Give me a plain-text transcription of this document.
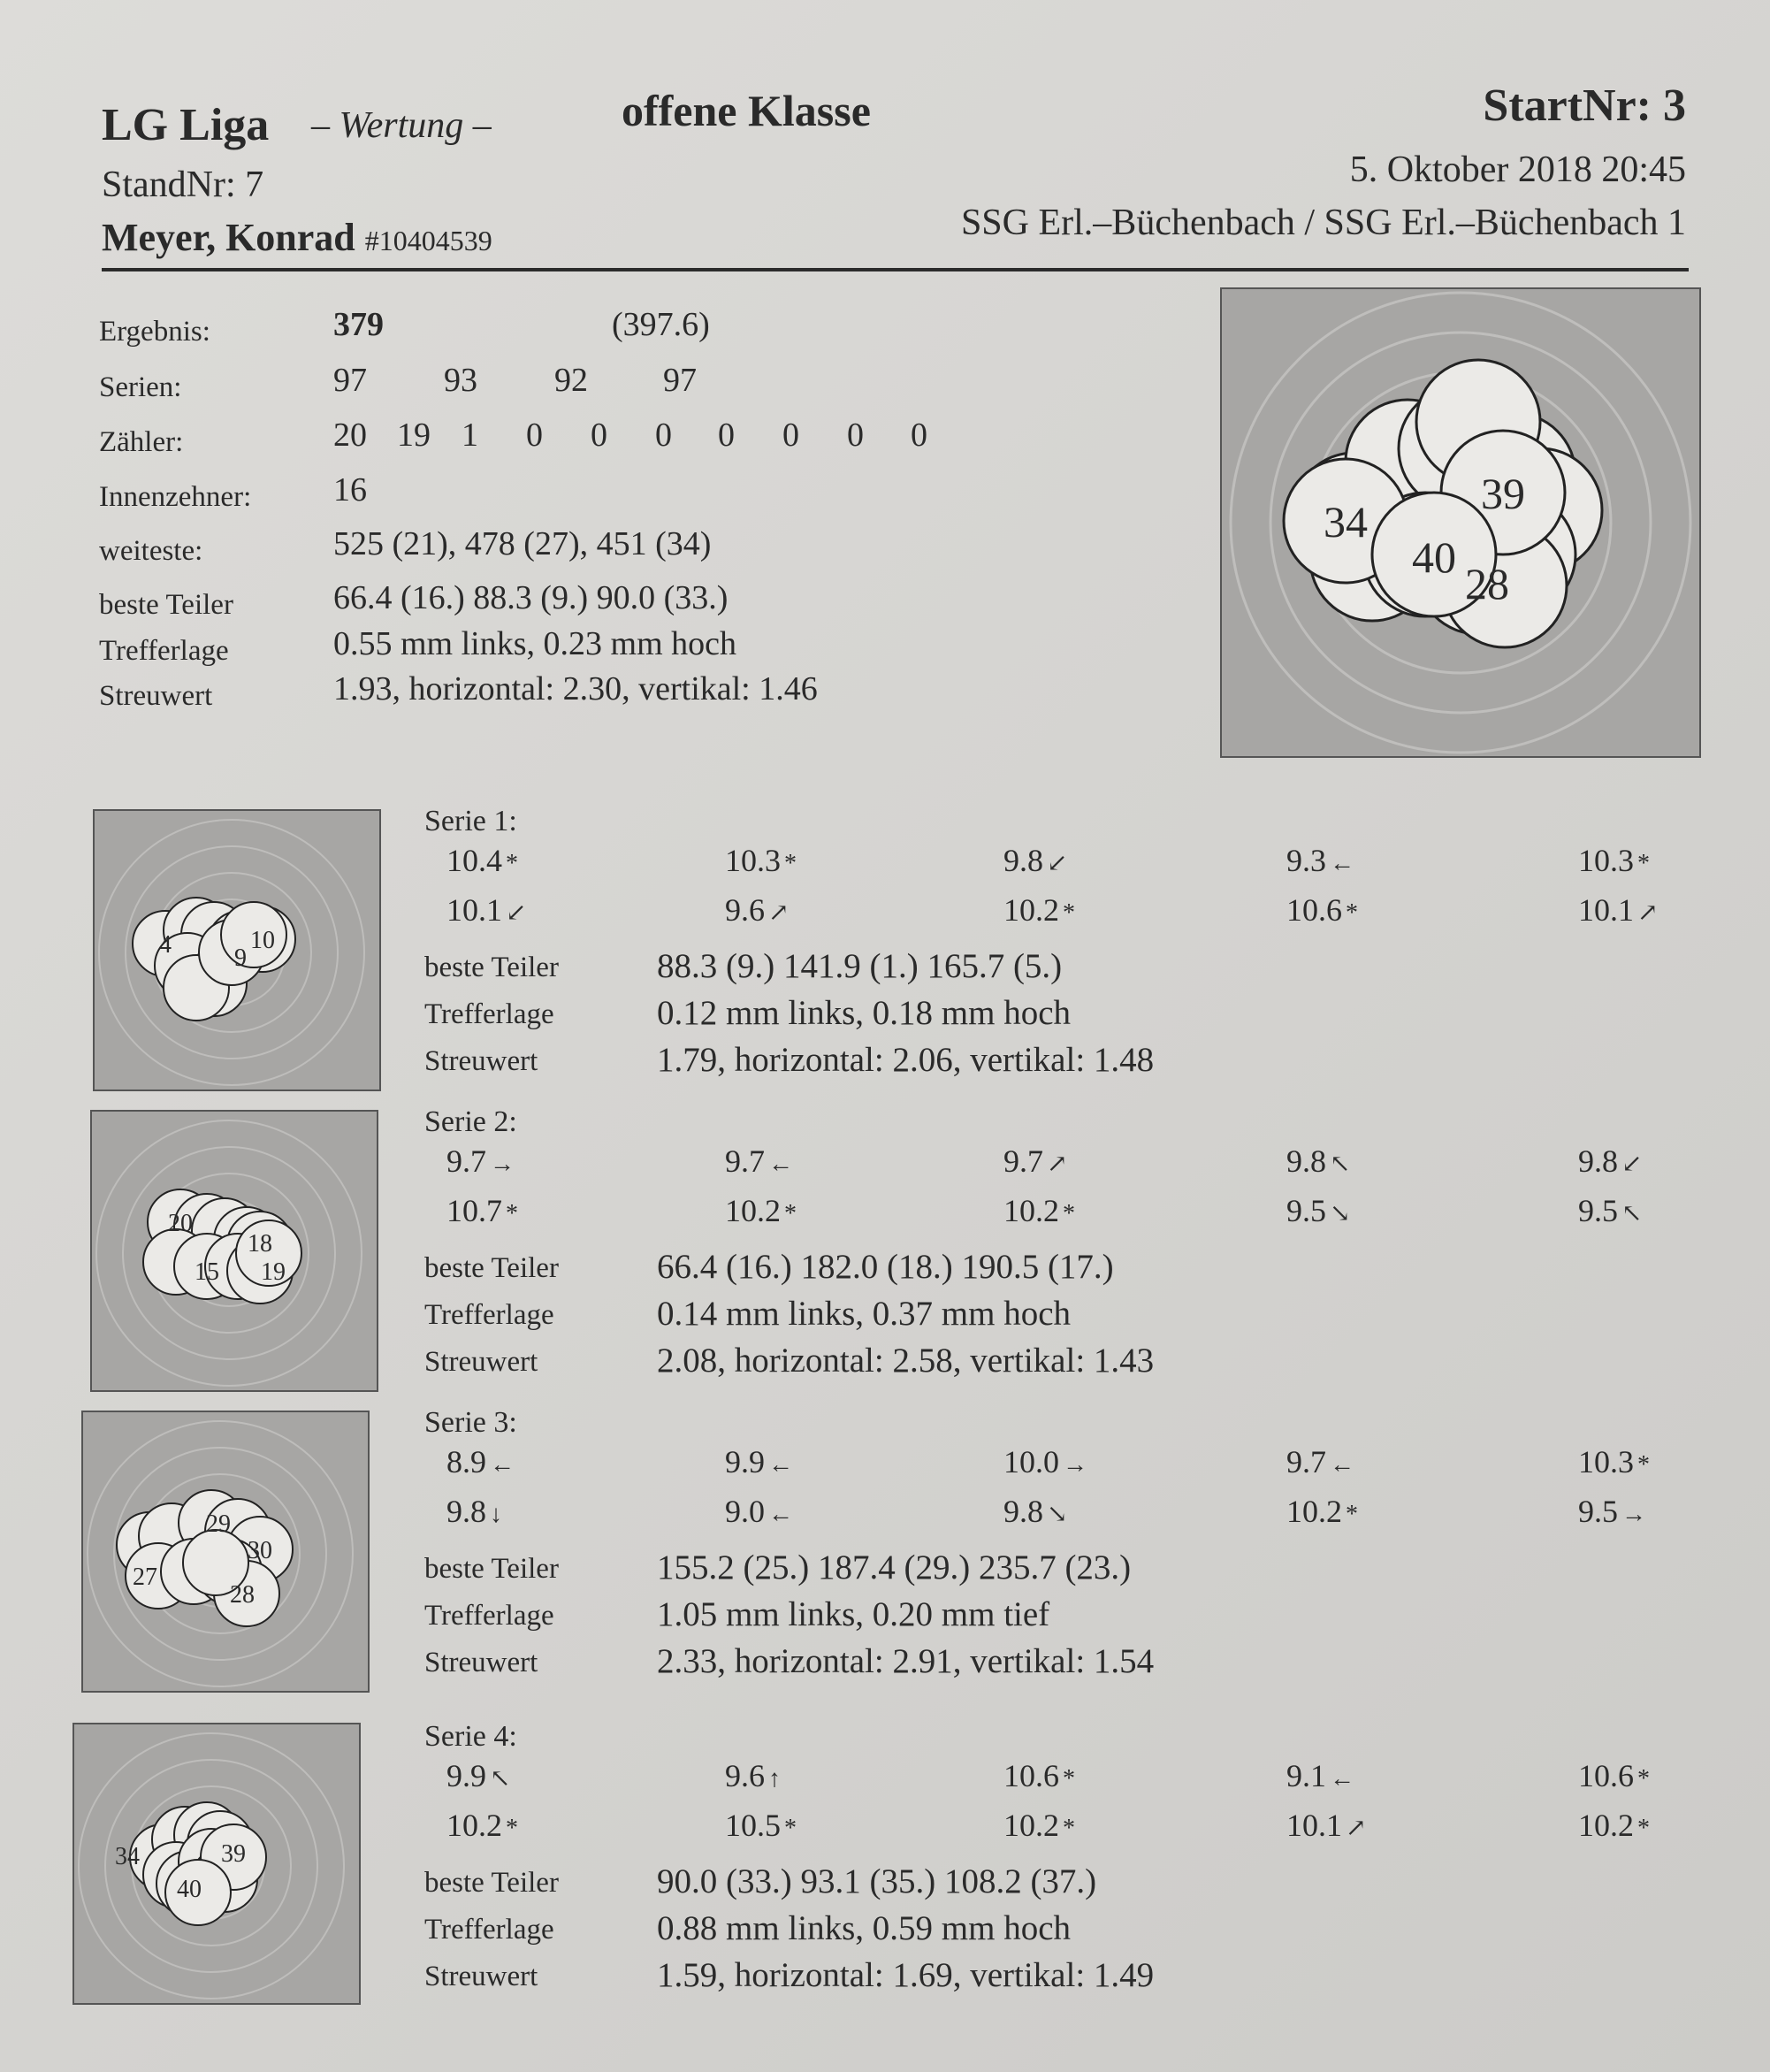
LG Liga – Wertung –	offene Klasse	StartNr: 3
StandNr: 7	5. Oktober 2018 20:45
Meyer, Konrad #10404539	SSG Erl.–Büchenbach / SSG Erl.–Büchenbach 1
Ergebnis:	379	(397.6)
Serien:	97 93 92 97
Zähler:	20 19 1 0 0 0 0 0 0 0
Innenzehner: 16
weiteste:	525 (21), 478 (27), 451 (34)
beste Teiler	66.4 (16.) 88.3 (9.) 90.0 (33.)
Trefferlage	0.55 mm links, 0.23 mm hoch
Streuwert	1.93, horizontal: 2.30, vertikal: 1.46
34
39
40
28
4	10
9
Serie 1:
10.4 *	10.3 *	9.8 ↙	9.3 ←	10.3 *
10.1 ↙	9.6 ↗	10.2 *	10.6 *	10.1 ↗
beste Teiler	88.3 (9.) 141.9 (1.) 165.7 (5.)
Trefferlage	0.12 mm links, 0.18 mm hoch
Streuwert	1.79, horizontal: 2.06, vertikal: 1.48
20
18
15 19
Serie 2:
9.7 →	9.7 ←	9.7 ↗	9.8 ↖	9.8 ↙
10.7 *	10.2 *	10.2 *	9.5 ↘	9.5 ↖
beste Teiler	66.4 (16.) 182.0 (18.) 190.5 (17.)
Trefferlage	0.14 mm links, 0.37 mm hoch
Streuwert	2.08, horizontal: 2.58, vertikal: 1.43
29
30
27
28
Serie 3:
8.9 ←	9.9 ←	10.0 →	9.7 ←	10.3 *
9.8 ↓	9.0 ←	9.8 ↘	10.2 *	9.5 →
beste Teiler	155.2 (25.) 187.4 (29.) 235.7 (23.)
Trefferlage	1.05 mm links, 0.20 mm tief
Streuwert	2.33, horizontal: 2.91, vertikal: 1.54
34	39
40
Serie 4:
9.9 ↖	9.6 ↑	10.6 *	9.1 ←	10.6 *
10.2 *	10.5 *	10.2 *	10.1 ↗	10.2 *
beste Teiler	90.0 (33.) 93.1 (35.) 108.2 (37.)
Trefferlage	0.88 mm links, 0.59 mm hoch
Streuwert	1.59, horizontal: 1.69, vertikal: 1.49
